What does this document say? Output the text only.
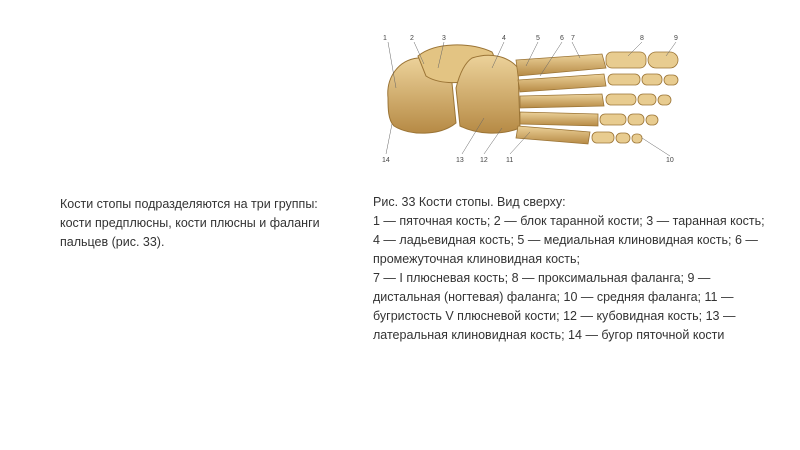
1	2	3	4	5	6 7	8	9
10
11
12
13
14
Кости стопы подразделяются на три группы: кости предплюсны, кости плюсны и фаланги пальцев (рис. 33).

Рис. 33 Кости стопы. Вид сверху:

1 — пяточная кость; 2 — блок таранной кости; 3 — таранная кость; 4 — ладьевидная кость; 5 — медиальная клиновидная кость; 6 — промежуточная клиновидная кость;

7 — I плюсневая кость; 8 — проксимальная фаланга; 9 — дистальная (ногтевая) фаланга; 10 — средняя фаланга; 11 — бугристость V плюсневой кости; 12 — кубовидная кость; 13 — латеральная клиновидная кость; 14 — бугор пяточной кости
